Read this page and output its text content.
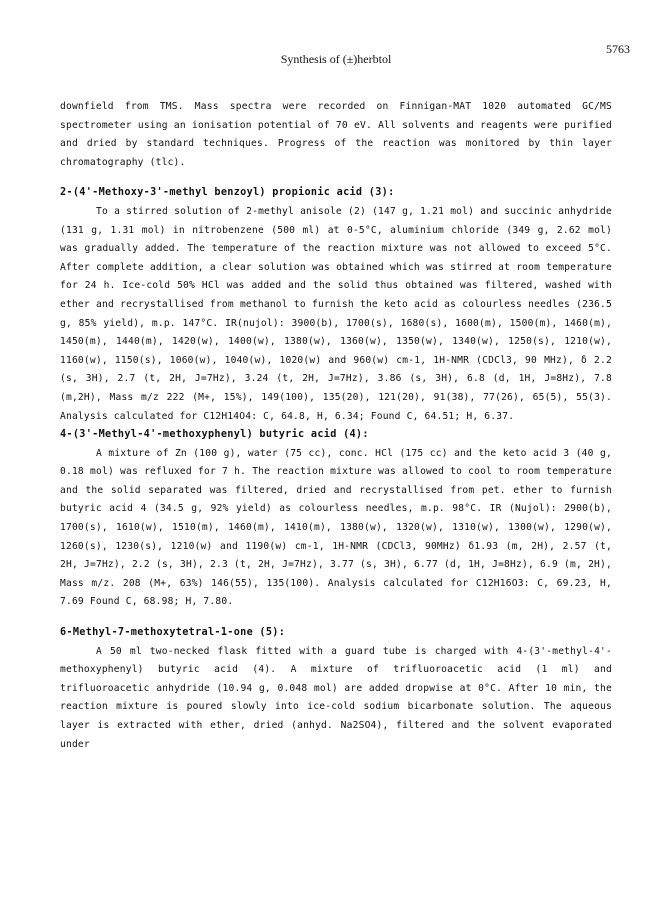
Synthesis of (±)herbtol
5763

downfield from TMS. Mass spectra were recorded on Finnigan-MAT 1020 automated GC/MS spectrometer using an ionisation potential of 70 eV. All solvents and reagents were purified and dried by standard techniques. Progress of the reaction was monitored by thin layer chromatography (tlc).

2-(4'-Methoxy-3'-methyl benzoyl) propionic acid (3):

To a stirred solution of 2-methyl anisole (2) (147 g, 1.21 mol) and succinic anhydride (131 g, 1.31 mol) in nitrobenzene (500 ml) at 0-5°C, aluminium chloride (349 g, 2.62 mol) was gradually added. The temperature of the reaction mixture was not allowed to exceed 5°C. After complete addition, a clear solution was obtained which was stirred at room temperature for 24 h. Ice-cold 50% HCl was added and the solid thus obtained was filtered, washed with ether and recrystallised from methanol to furnish the keto acid as colourless needles (236.5 g, 85% yield), m.p. 147°C. IR(nujol): 3900(b), 1700(s), 1680(s), 1600(m), 1500(m), 1460(m), 1450(m), 1440(m), 1420(w), 1400(w), 1380(w), 1360(w), 1350(w), 1340(w), 1250(s), 1210(w), 1160(w), 1150(s), 1060(w), 1040(w), 1020(w) and 960(w) cm-1, 1H-NMR (CDCl3, 90 MHz), δ 2.2 (s, 3H), 2.7 (t, 2H, J=7Hz), 3.24 (t, 2H, J=7Hz), 3.86 (s, 3H), 6.8 (d, 1H, J=8Hz), 7.8 (m,2H), Mass m/z 222 (M+, 15%), 149(100), 135(20), 121(20), 91(38), 77(26), 65(5), 55(3). Analysis calculated for C12H14O4: C, 64.8, H, 6.34; Found C, 64.51; H, 6.37.

4-(3'-Methyl-4'-methoxyphenyl) butyric acid (4):

A mixture of Zn (100 g), water (75 cc), conc. HCl (175 cc) and the keto acid 3 (40 g, 0.18 mol) was refluxed for 7 h. The reaction mixture was allowed to cool to room temperature and the solid separated was filtered, dried and recrystallised from pet. ether to furnish butyric acid 4 (34.5 g, 92% yield) as colourless needles, m.p. 98°C. IR (Nujol): 2900(b), 1700(s), 1610(w), 1510(m), 1460(m), 1410(m), 1380(w), 1320(w), 1310(w), 1300(w), 1290(w), 1260(s), 1230(s), 1210(w) and 1190(w) cm-1, 1H-NMR (CDCl3, 90MHz) δ1.93 (m, 2H), 2.57 (t, 2H, J=7Hz), 2.2 (s, 3H), 2.3 (t, 2H, J=7Hz), 3.77 (s, 3H), 6.77 (d, 1H, J=8Hz), 6.9 (m, 2H), Mass m/z. 208 (M+, 63%) 146(55), 135(100). Analysis calculated for C12H16O3: C, 69.23, H, 7.69 Found C, 68.98; H, 7.80.

6-Methyl-7-methoxytetral-1-one (5):

A 50 ml two-necked flask fitted with a guard tube is charged with 4-(3'-methyl-4'-methoxyphenyl) butyric acid (4). A mixture of trifluoroacetic acid (1 ml) and trifluoroacetic anhydride (10.94 g, 0.048 mol) are added dropwise at 0°C. After 10 min, the reaction mixture is poured slowly into ice-cold sodium bicarbonate solution. The aqueous layer is extracted with ether, dried (anhyd. Na2SO4), filtered and the solvent evaporated under
